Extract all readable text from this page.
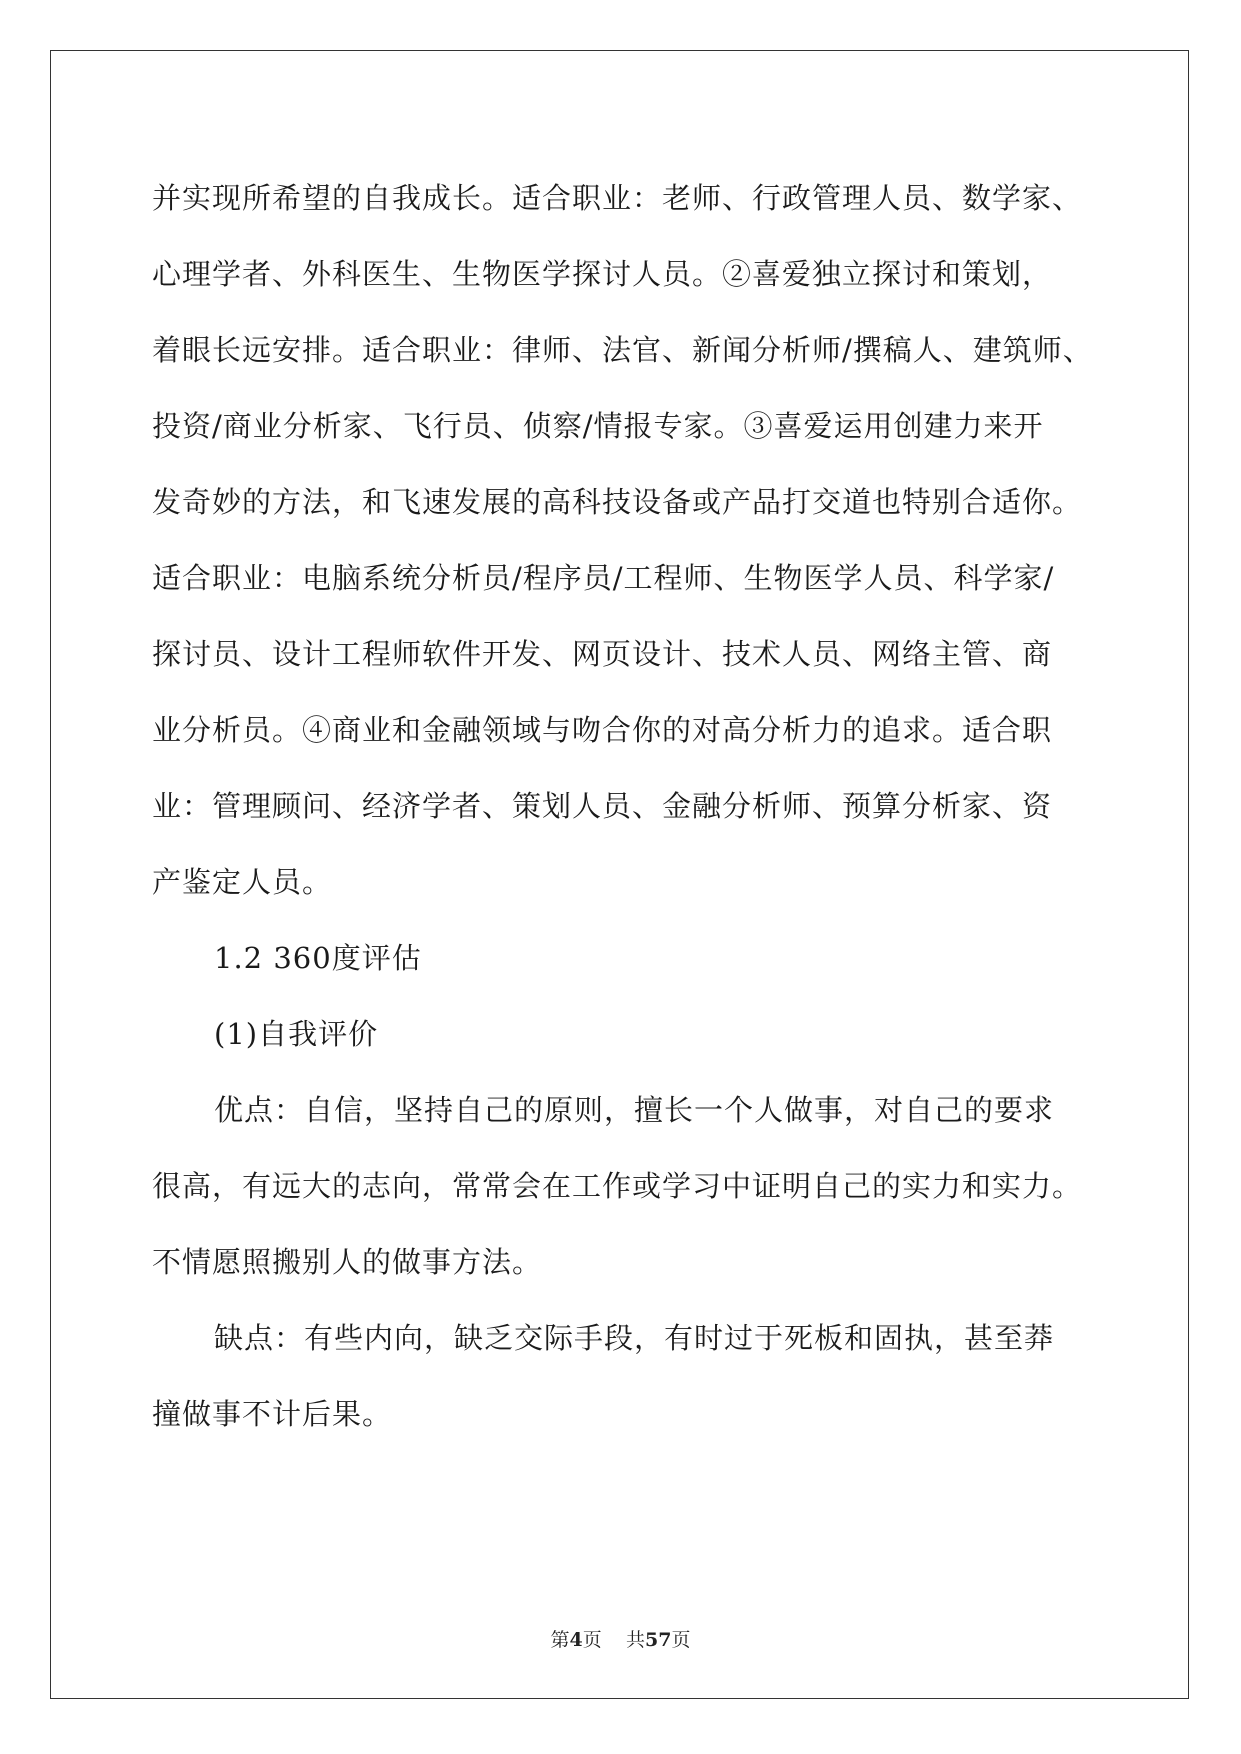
并实现所希望的自我成长。适合职业：老师、行政管理人员、数学家、

心理学者、外科医生、生物医学探讨人员。②喜爱独立探讨和策划，

着眼长远安排。适合职业：律师、法官、新闻分析师/撰稿人、建筑师、

投资/商业分析家、飞行员、侦察/情报专家。③喜爱运用创建力来开

发奇妙的方法，和飞速发展的高科技设备或产品打交道也特别合适你。

适合职业：电脑系统分析员/程序员/工程师、生物医学人员、科学家/

探讨员、设计工程师软件开发、网页设计、技术人员、网络主管、商

业分析员。④商业和金融领域与吻合你的对高分析力的追求。适合职

业：管理顾问、经济学者、策划人员、金融分析师、预算分析家、资

产鉴定人员。

1.2 360度评估

(1)自我评价

优点：自信，坚持自己的原则，擅长一个人做事，对自己的要求

很高，有远大的志向，常常会在工作或学习中证明自己的实力和实力。

不情愿照搬别人的做事方法。

缺点：有些内向，缺乏交际手段，有时过于死板和固执，甚至莽

撞做事不计后果。

第4页 共57页
